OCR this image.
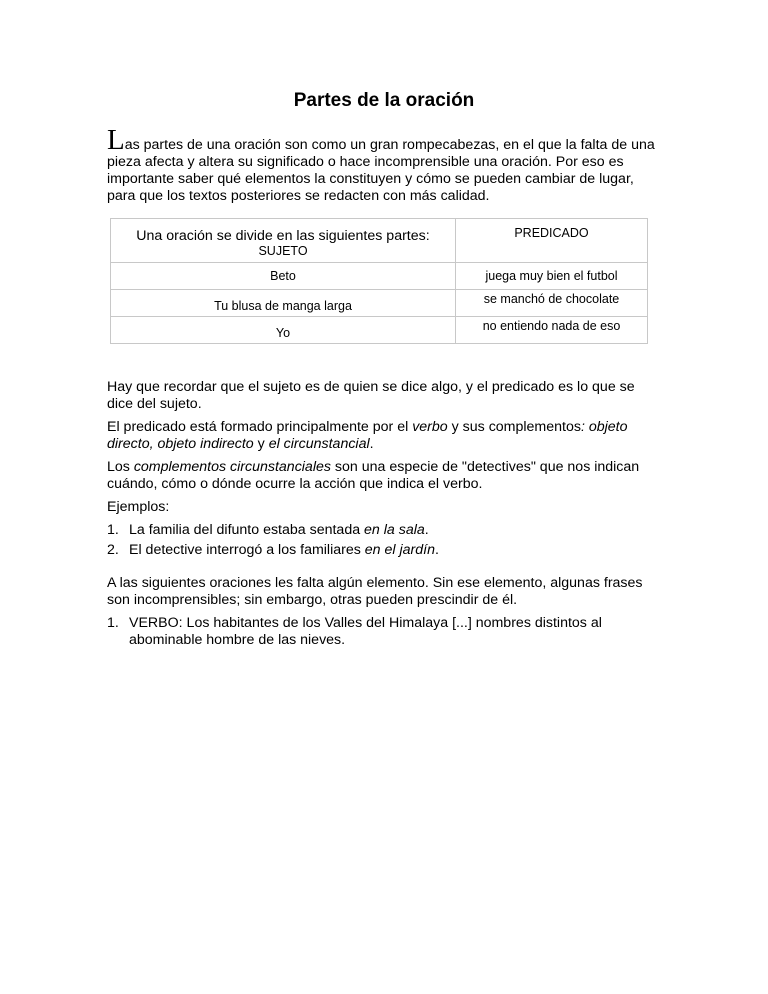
Partes de la oración
Las partes de una oración son como un gran rompecabezas, en el que la falta de una pieza afecta y altera su significado o hace incomprensible una oración. Por eso es importante saber qué elementos la constituyen y cómo se pueden cambiar de lugar, para que los textos posteriores se redacten con más calidad.
Una oración se divide en las siguientes partes:
SUJETO	PREDICADO
Beto	juega muy bien el futbol
Tu blusa de manga larga	se manchó de chocolate
Yo	no entiendo nada de eso

Hay que recordar que el sujeto es de quien se dice algo, y el predicado es lo que se dice del sujeto.

El predicado está formado principalmente por el verbo y sus complementos: objeto directo, objeto indirecto y el circunstancial.

Los complementos circunstanciales son una especie de "detectives" que nos indican cuándo, cómo o dónde ocurre la acción que indica el verbo.

Ejemplos:

1. La familia del difunto estaba sentada en la sala.
2. El detective interrogó a los familiares en el jardín.

A las siguientes oraciones les falta algún elemento. Sin ese elemento, algunas frases son incomprensibles; sin embargo, otras pueden prescindir de él.

1. VERBO: Los habitantes de los Valles del Himalaya [...] nombres distintos al abominable hombre de las nieves.
